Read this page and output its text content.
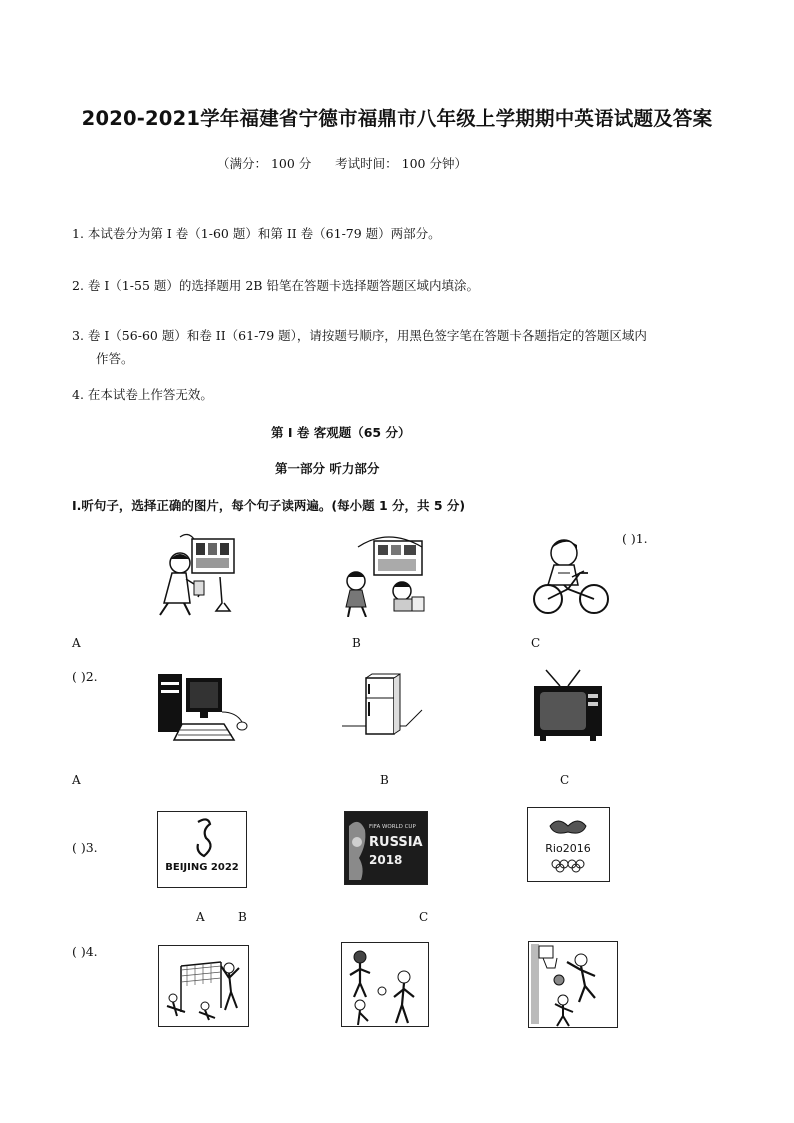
2020-2021学年福建省宁德市福鼎市八年级上学期期中英语试题及答案
（满分： 100 分      考试时间： 100 分钟）
1. 本试卷分为第 I 卷（1-60 题）和第 II 卷（61-79 题）两部分。
2. 卷 I（1-55 题）的选择题用 2B 铅笔在答题卡选择题答题区域内填涂。
3. 卷 I（56-60 题）和卷 II（61-79 题），请按题号顺序，用黑色签字笔在答题卡各题指定的答题区域内
作答。
4. 在本试卷上作答无效。
第 I 卷 客观题（65 分）
第一部分 听力部分
I.听句子，选择正确的图片，每个句子读两遍。(每小题 1 分，共 5 分)
( )1.
A	B	C
( )2.
A	B	C
( )3.
BEIJING 2022
FIFA WORLD CUP
RUSSIA
2018
Rio2016
A	B	C
( )4.
